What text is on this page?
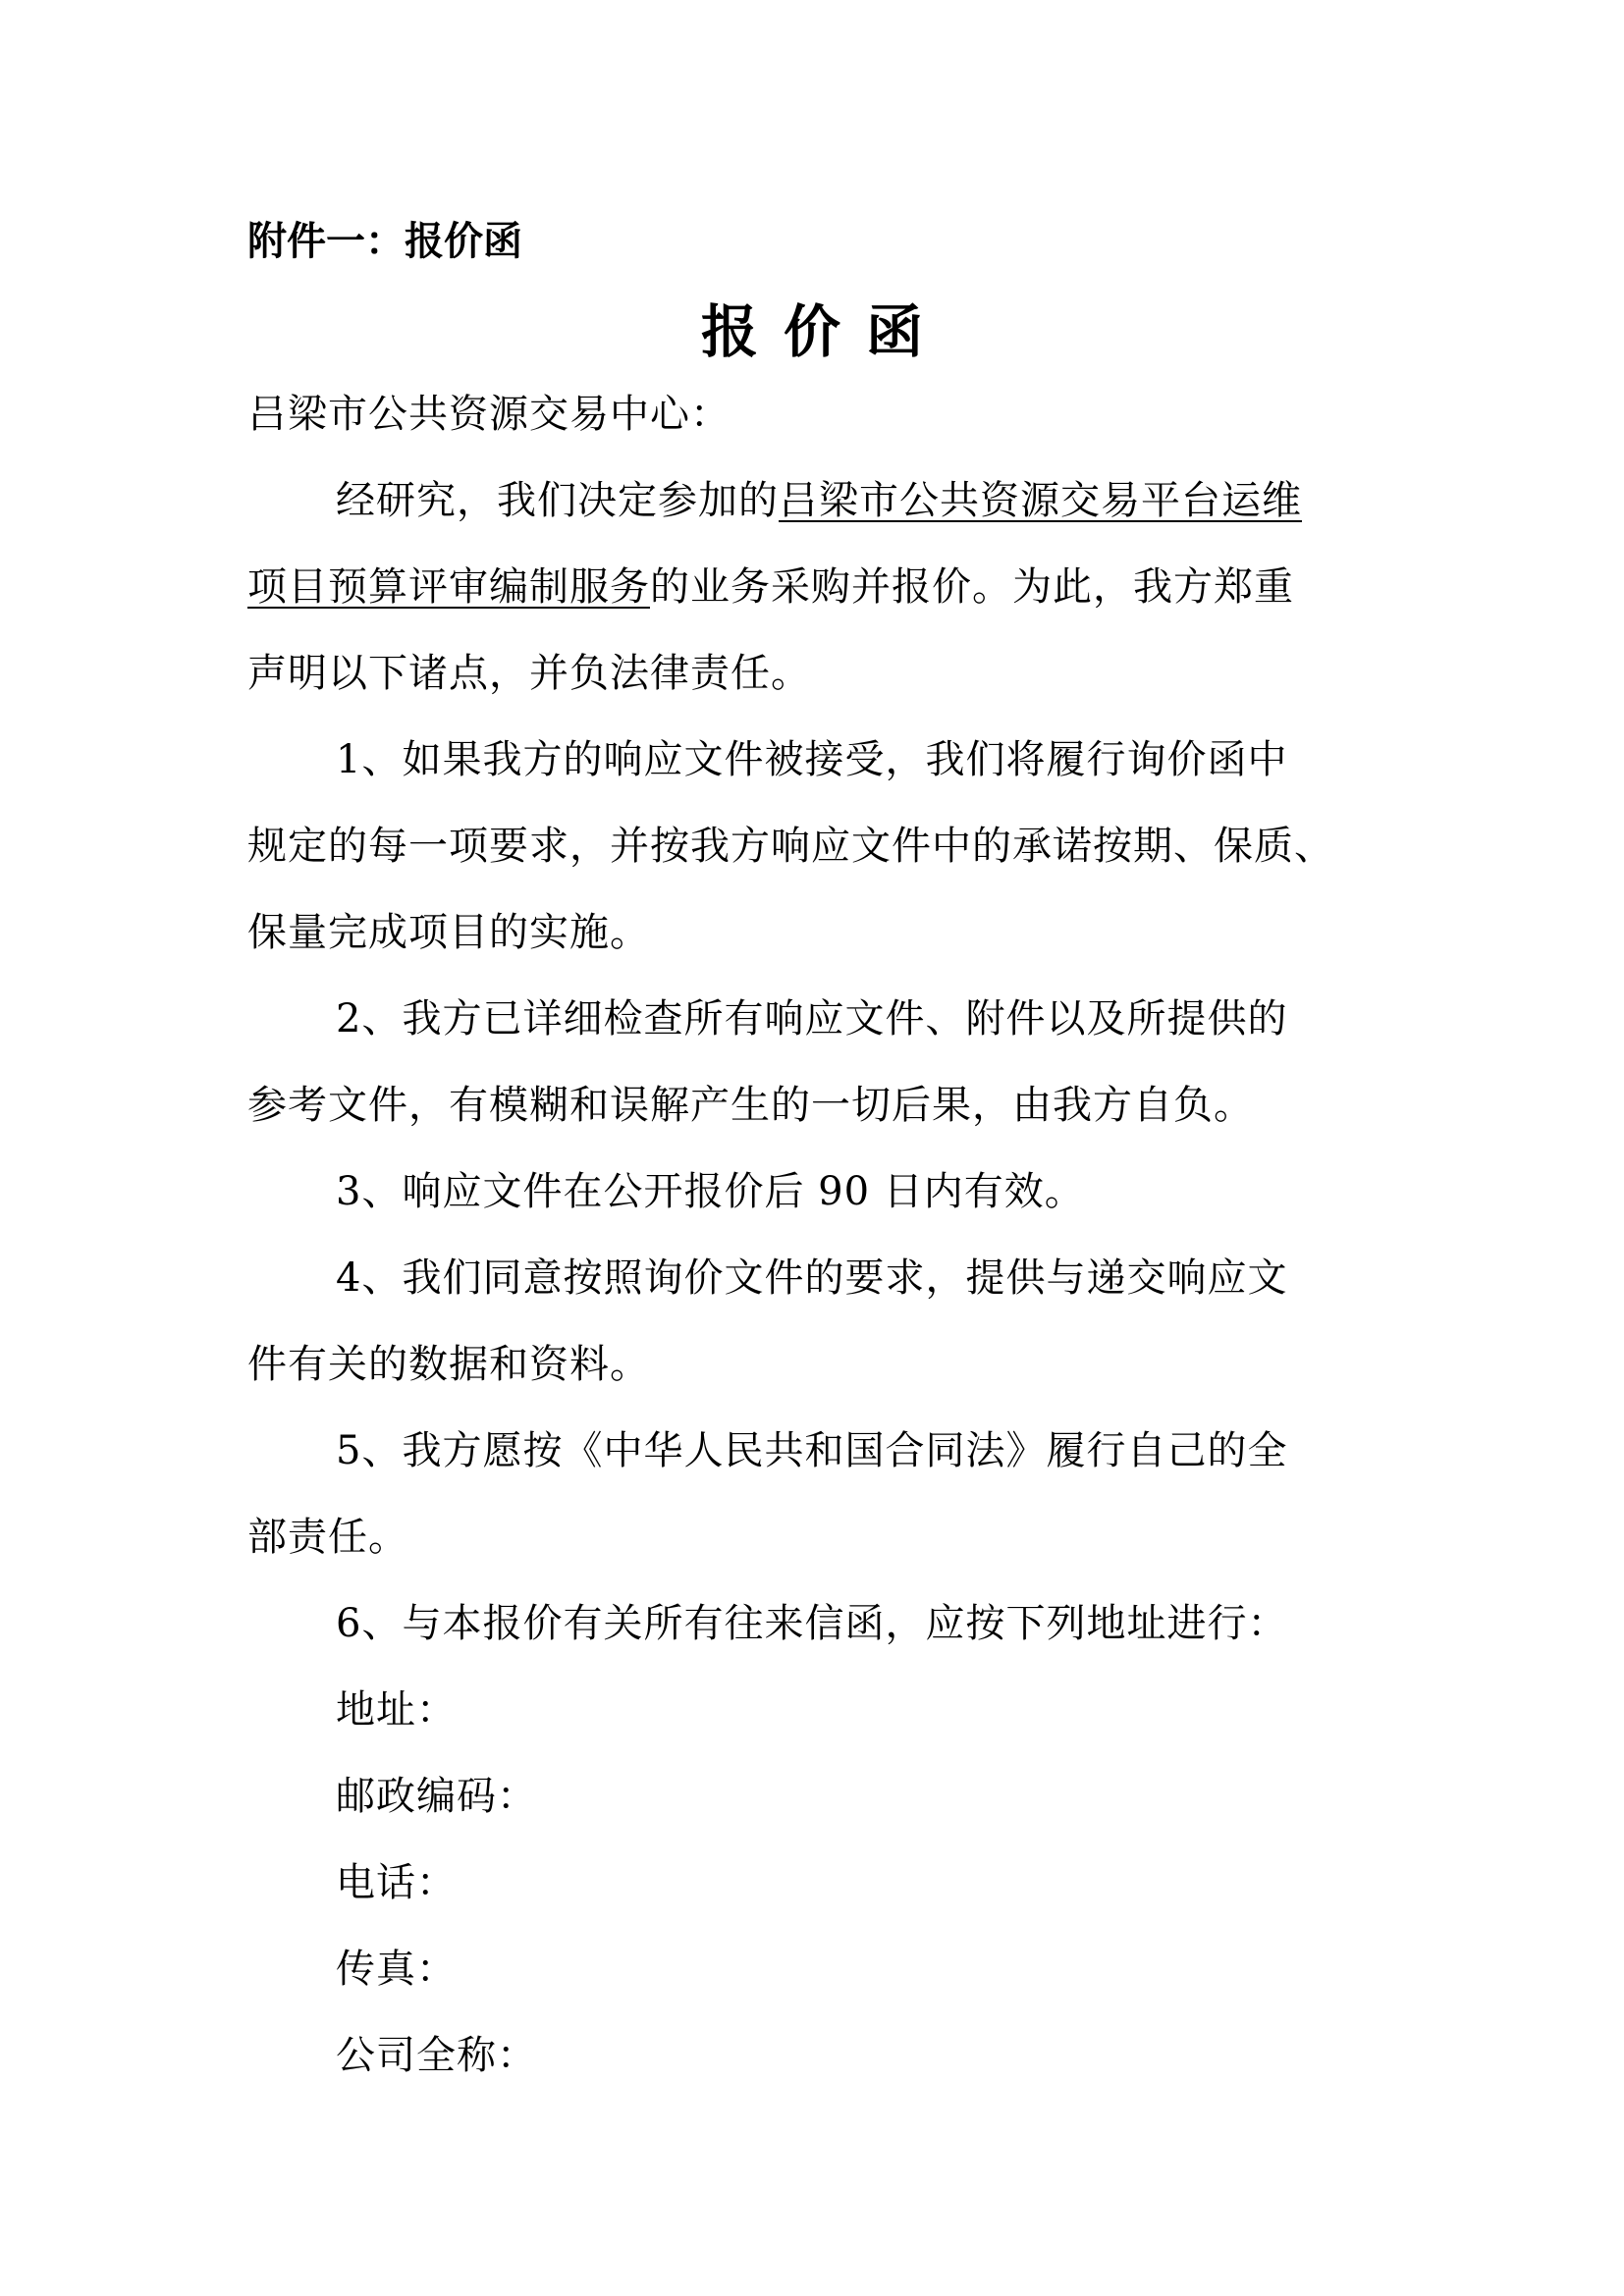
附件一：报价函
报价函
吕梁市公共资源交易中心：
经研究，我们决定参加的吕梁市公共资源交易平台运维
项目预算评审编制服务的业务采购并报价。为此，我方郑重
声明以下诸点，并负法律责任。
1、如果我方的响应文件被接受，我们将履行询价函中
规定的每一项要求，并按我方响应文件中的承诺按期、保质、
保量完成项目的实施。
2、我方已详细检查所有响应文件、附件以及所提供的
参考文件，有模糊和误解产生的一切后果，由我方自负。
3、响应文件在公开报价后 90 日内有效。
4、我们同意按照询价文件的要求，提供与递交响应文
件有关的数据和资料。
5、我方愿按《中华人民共和国合同法》履行自己的全
部责任。
6、与本报价有关所有往来信函，应按下列地址进行：
地址：
邮政编码：
电话：
传真：
公司全称：
